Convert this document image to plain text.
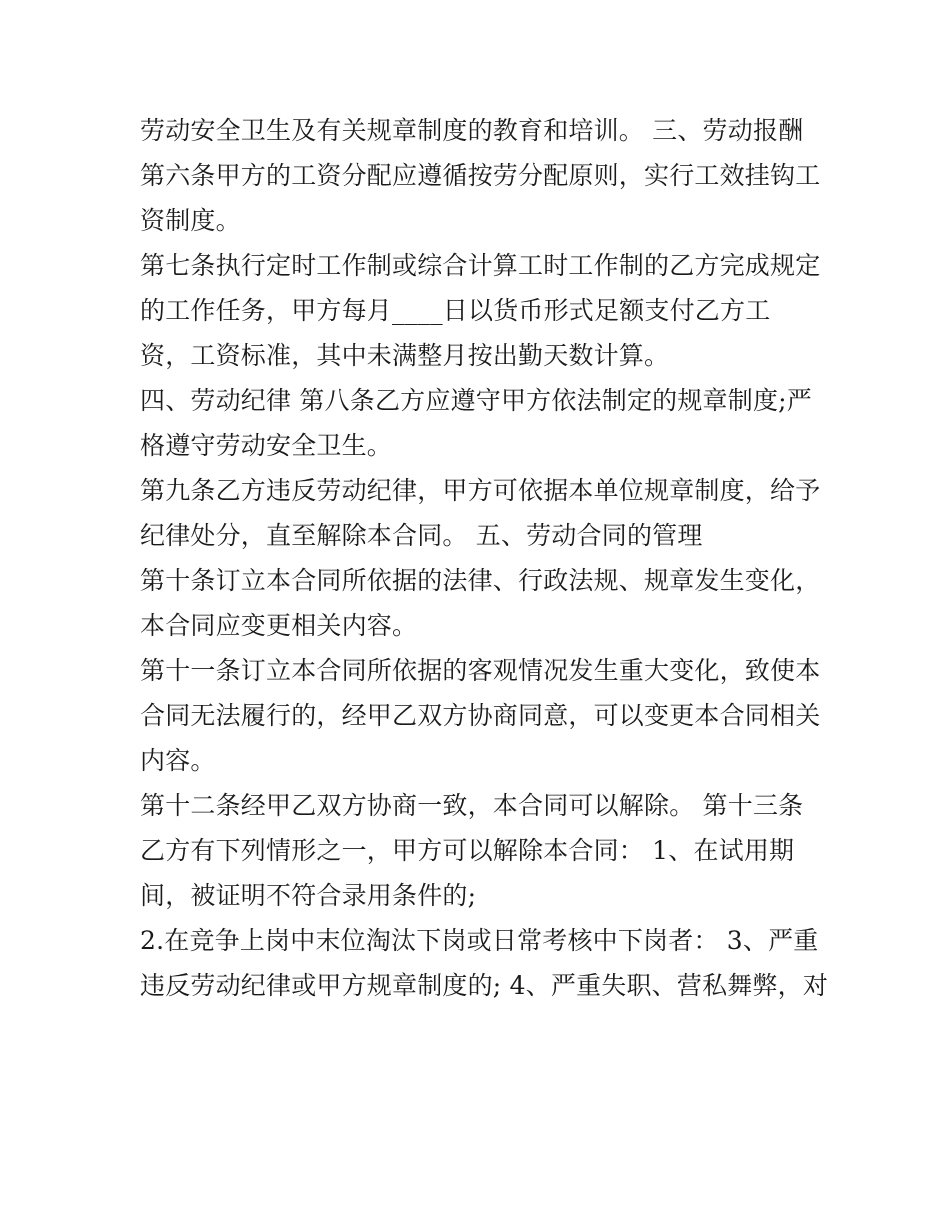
劳动安全卫生及有关规章制度的教育和培训。 三、劳动报酬
第六条甲方的工资分配应遵循按劳分配原则，实行工效挂钩工
资制度。
第七条执行定时工作制或综合计算工时工作制的乙方完成规定
的工作任务，甲方每月____日以货币形式足额支付乙方工
资，工资标准，其中未满整月按出勤天数计算。
四、劳动纪律 第八条乙方应遵守甲方依法制定的规章制度;严
格遵守劳动安全卫生。
第九条乙方违反劳动纪律，甲方可依据本单位规章制度，给予
纪律处分，直至解除本合同。 五、劳动合同的管理
第十条订立本合同所依据的法律、行政法规、规章发生变化，
本合同应变更相关内容。
第十一条订立本合同所依据的客观情况发生重大变化，致使本
合同无法履行的，经甲乙双方协商同意，可以变更本合同相关
内容。
第十二条经甲乙双方协商一致，本合同可以解除。 第十三条
乙方有下列情形之一，甲方可以解除本合同： 1、在试用期
间，被证明不符合录用条件的;
2.在竞争上岗中末位淘汰下岗或日常考核中下岗者： 3、严重
违反劳动纪律或甲方规章制度的; 4、严重失职、营私舞弊，对
